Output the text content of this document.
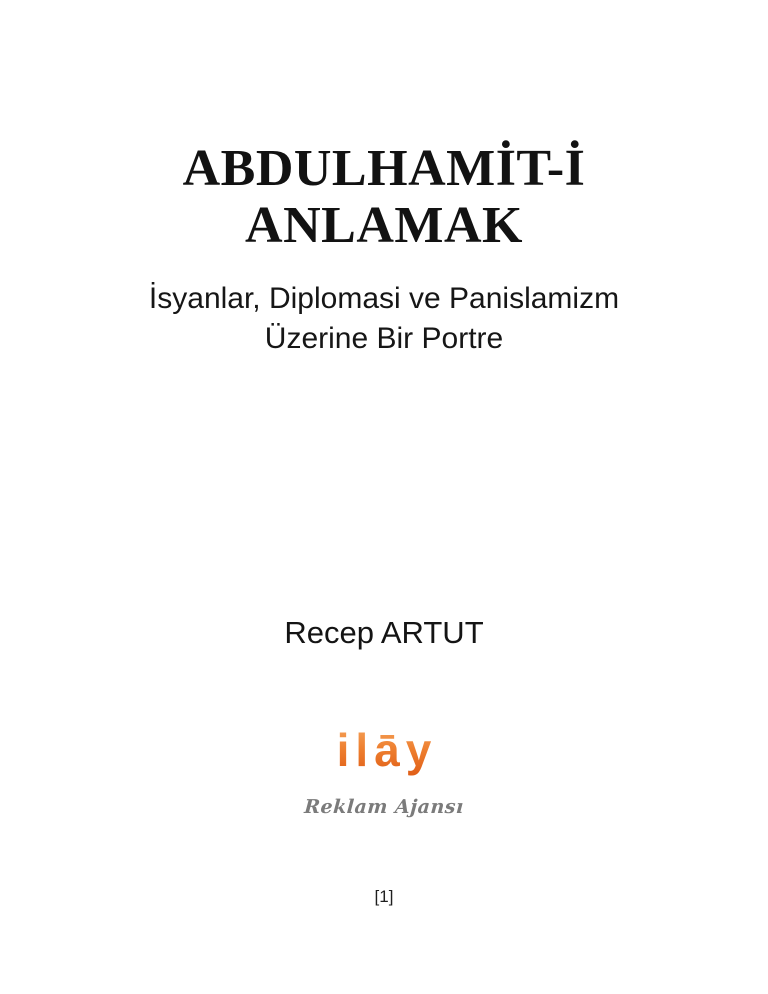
ABDULHAMİT-İ
ANLAMAK
İsyanlar, Diplomasi ve Panislamizm
Üzerine Bir Portre
Recep ARTUT
ilāy
Reklam Ajansı
[1]
